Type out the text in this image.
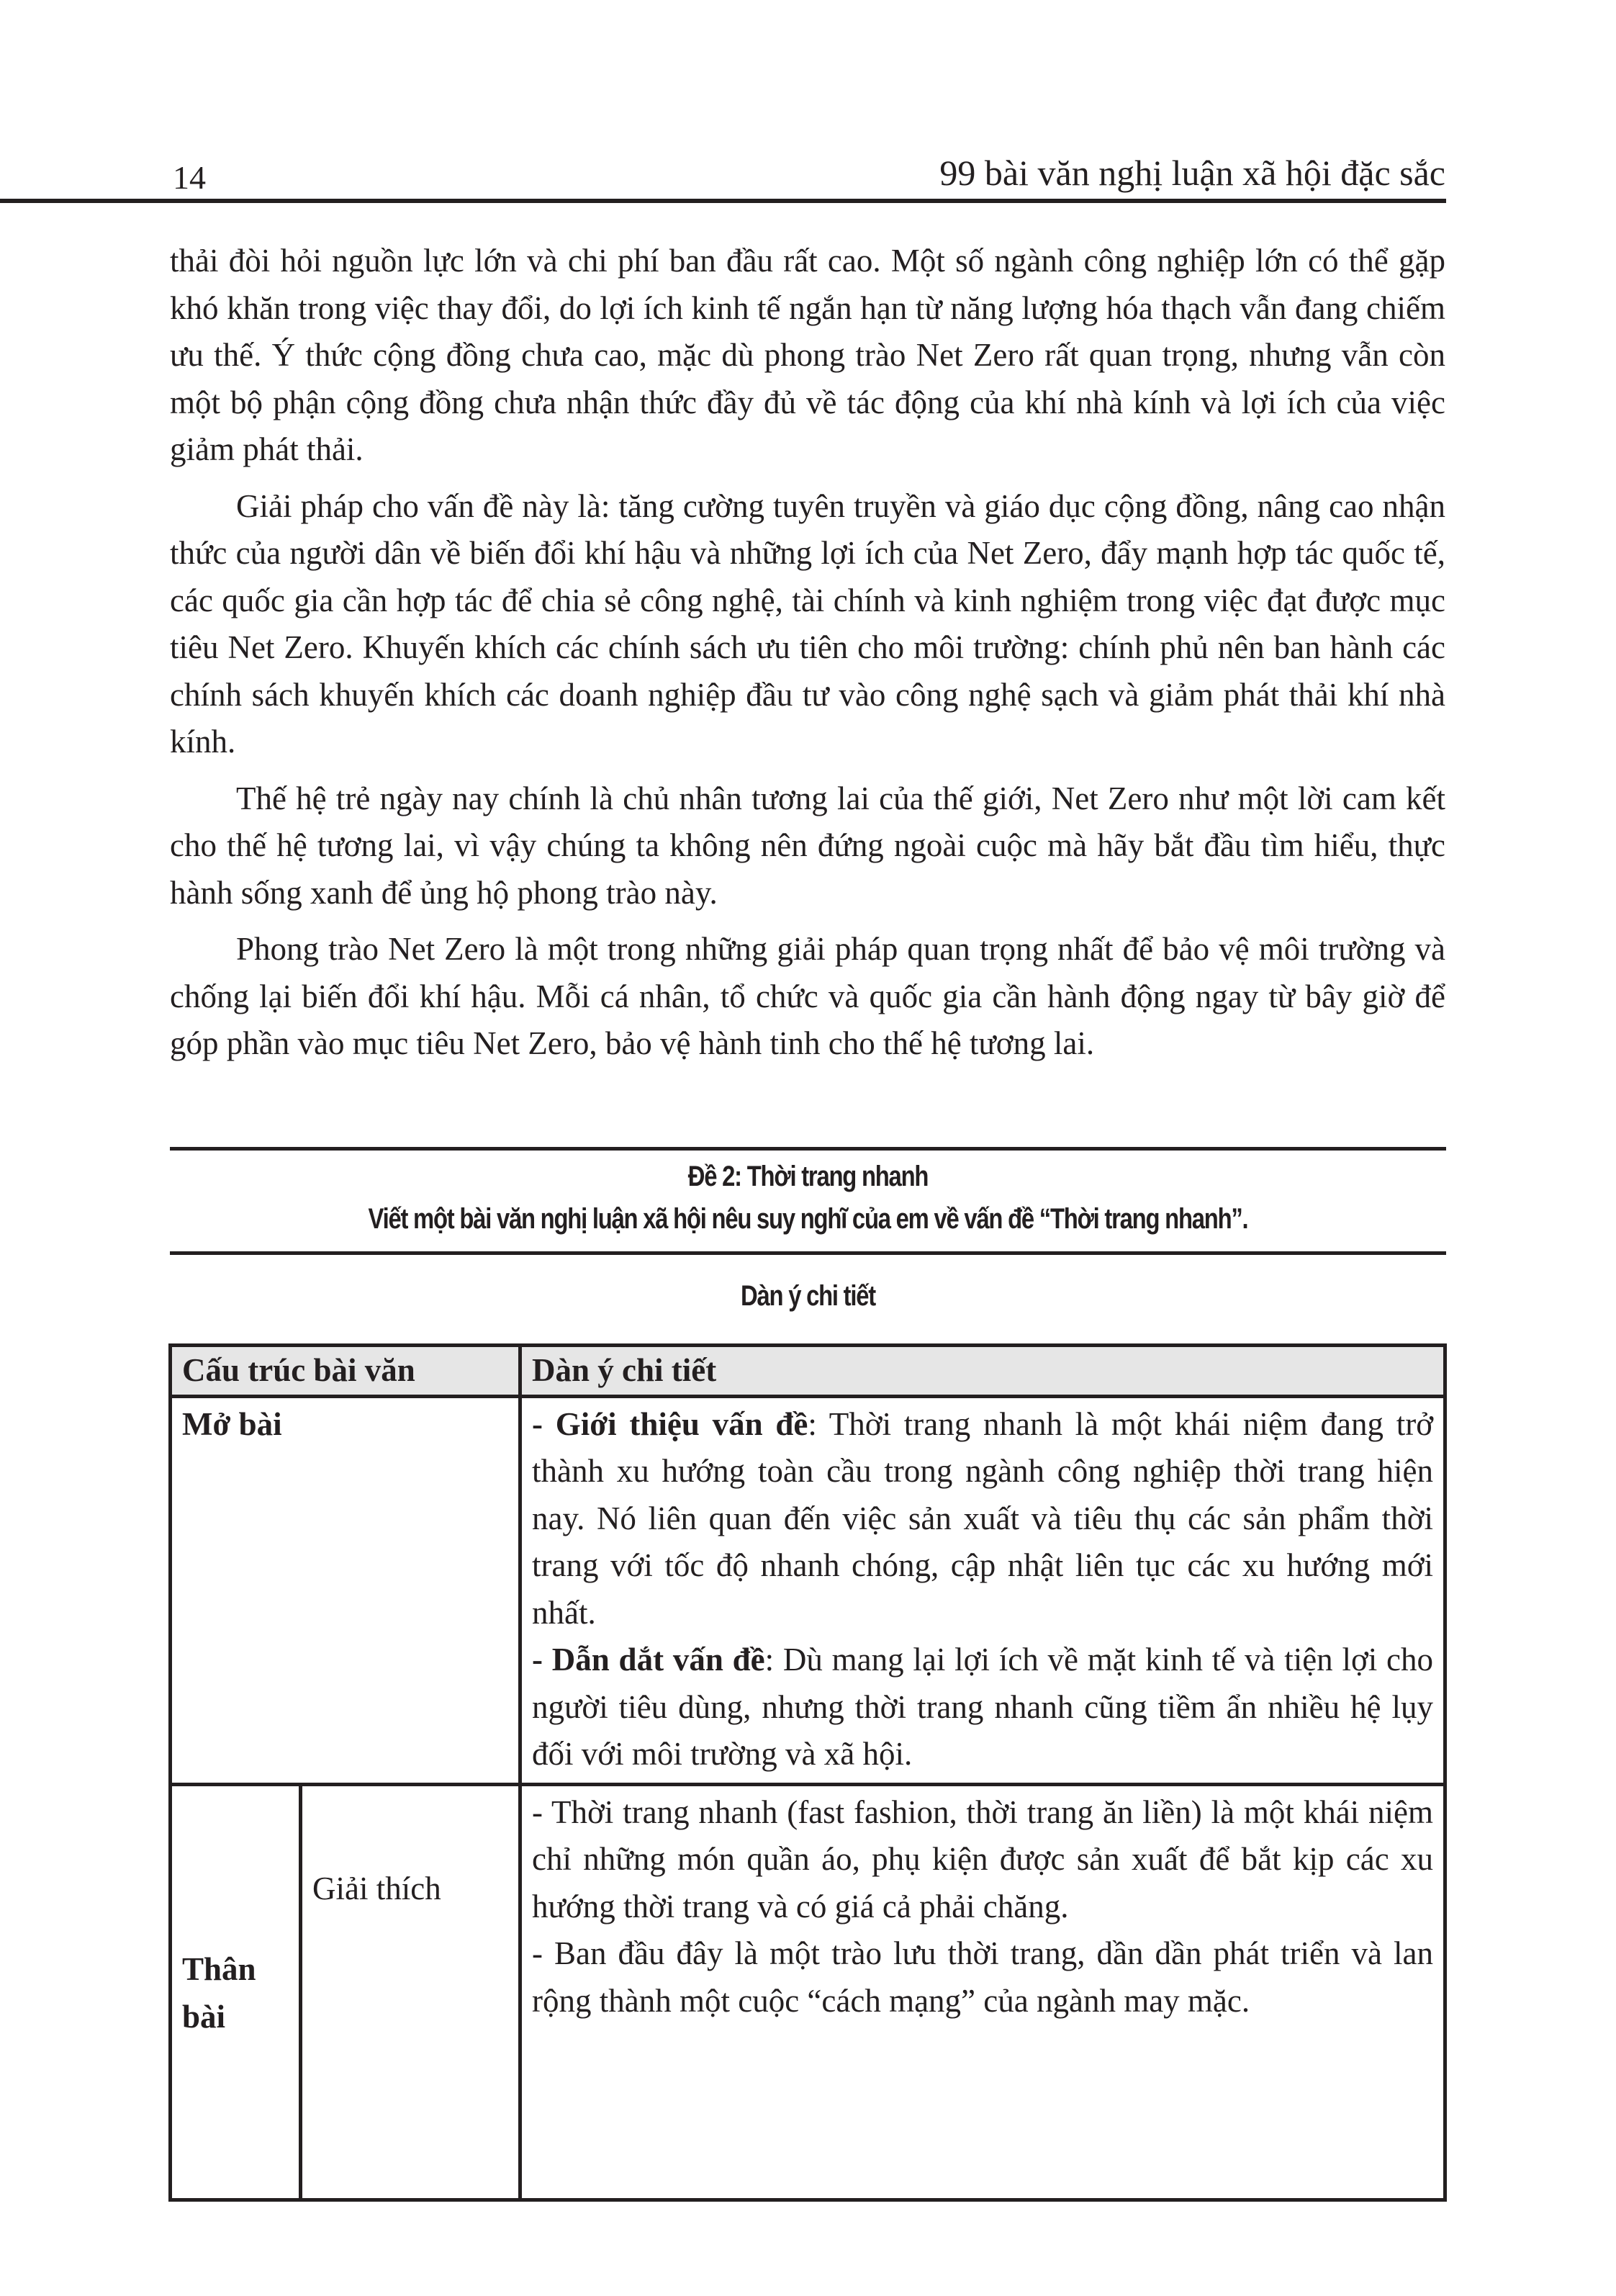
14	99 bài văn nghị luận xã hội đặc sắc

thải đòi hỏi nguồn lực lớn và chi phí ban đầu rất cao. Một số ngành công nghiệp lớn có thể gặp khó khăn trong việc thay đổi, do lợi ích kinh tế ngắn hạn từ năng lượng hóa thạch vẫn đang chiếm ưu thế. Ý thức cộng đồng chưa cao, mặc dù phong trào Net Zero rất quan trọng, nhưng vẫn còn một bộ phận cộng đồng chưa nhận thức đầy đủ về tác động của khí nhà kính và lợi ích của việc giảm phát thải.

Giải pháp cho vấn đề này là: tăng cường tuyên truyền và giáo dục cộng đồng, nâng cao nhận thức của người dân về biến đổi khí hậu và những lợi ích của Net Zero, đẩy mạnh hợp tác quốc tế, các quốc gia cần hợp tác để chia sẻ công nghệ, tài chính và kinh nghiệm trong việc đạt được mục tiêu Net Zero. Khuyến khích các chính sách ưu tiên cho môi trường: chính phủ nên ban hành các chính sách khuyến khích các doanh nghiệp đầu tư vào công nghệ sạch và giảm phát thải khí nhà kính.

Thế hệ trẻ ngày nay chính là chủ nhân tương lai của thế giới, Net Zero như một lời cam kết cho thế hệ tương lai, vì vậy chúng ta không nên đứng ngoài cuộc mà hãy bắt đầu tìm hiểu, thực hành sống xanh để ủng hộ phong trào này.

Phong trào Net Zero là một trong những giải pháp quan trọng nhất để bảo vệ môi trường và chống lại biến đổi khí hậu. Mỗi cá nhân, tổ chức và quốc gia cần hành động ngay từ bây giờ để góp phần vào mục tiêu Net Zero, bảo vệ hành tinh cho thế hệ tương lai.

Đề 2: Thời trang nhanh
Viết một bài văn nghị luận xã hội nêu suy nghĩ của em về vấn đề “Thời trang nhanh”.
Dàn ý chi tiết
Cấu trúc bài văn		Dàn ý chi tiết
Mở bài		- Giới thiệu vấn đề: Thời trang nhanh là một khái niệm đang trở thành xu hướng toàn cầu trong ngành công nghiệp thời trang hiện nay. Nó liên quan đến việc sản xuất và tiêu thụ các sản phẩm thời trang với tốc độ nhanh chóng, cập nhật liên tục các xu hướng mới nhất.

- Dẫn dắt vấn đề: Dù mang lại lợi ích về mặt kinh tế và tiện lợi cho người tiêu dùng, nhưng thời trang nhanh cũng tiềm ẩn nhiều hệ lụy đối với môi trường và xã hội.

Thân bài	Giải thích	- Thời trang nhanh (fast fashion, thời trang ăn liền) là một khái niệm chỉ những món quần áo, phụ kiện được sản xuất để bắt kịp các xu hướng thời trang và có giá cả phải chăng.

- Ban đầu đây là một trào lưu thời trang, dần dần phát triển và lan rộng thành một cuộc “cách mạng” của ngành may mặc.
